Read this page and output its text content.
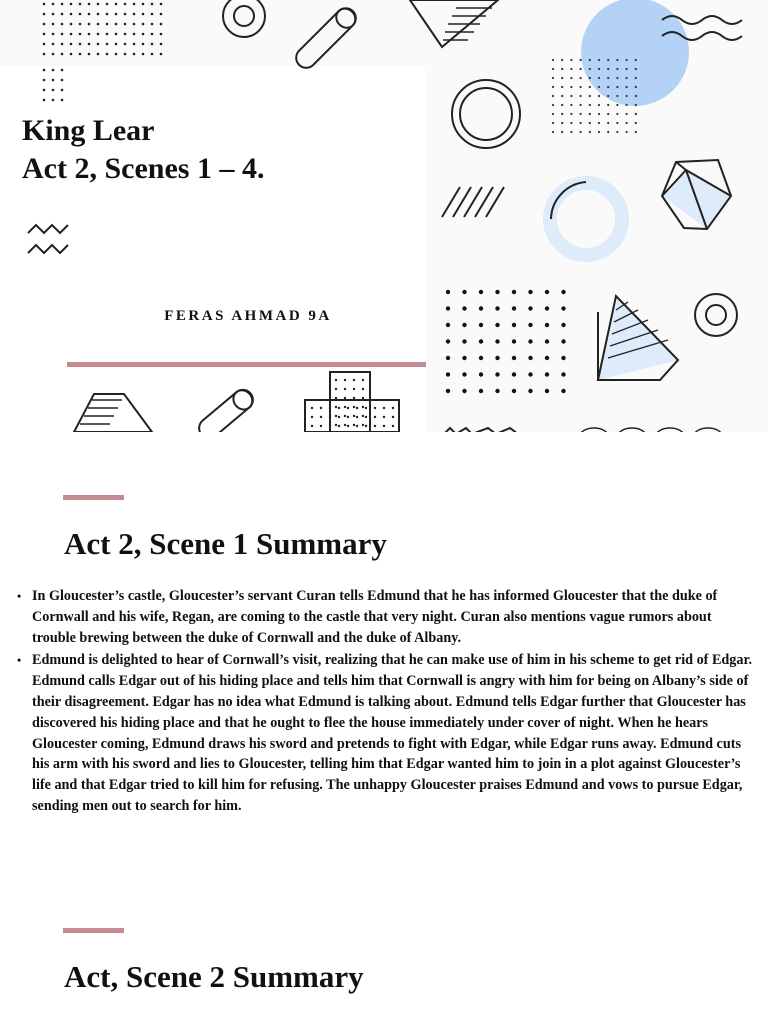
King Lear
Act 2, Scenes 1 – 4.
FERAS AHMAD 9A
Act 2, Scene 1 Summary
• In Gloucester’s castle, Gloucester’s servant Curan tells Edmund that he has informed Gloucester that the duke of Cornwall and his wife, Regan, are coming to the castle that very night. Curan also mentions vague rumors about trouble brewing between the duke of Cornwall and the duke of Albany.
• Edmund is delighted to hear of Cornwall’s visit, realizing that he can make use of him in his scheme to get rid of Edgar. Edmund calls Edgar out of his hiding place and tells him that Cornwall is angry with him for being on Albany’s side of their disagreement. Edgar has no idea what Edmund is talking about. Edmund tells Edgar further that Gloucester has discovered his hiding place and that he ought to flee the house immediately under cover of night. When he hears Gloucester coming, Edmund draws his sword and pretends to fight with Edgar, while Edgar runs away. Edmund cuts his arm with his sword and lies to Gloucester, telling him that Edgar wanted him to join in a plot against Gloucester’s life and that Edgar tried to kill him for refusing. The unhappy Gloucester praises Edmund and vows to pursue Edgar, sending men out to search for him.
Act, Scene 2 Summary
